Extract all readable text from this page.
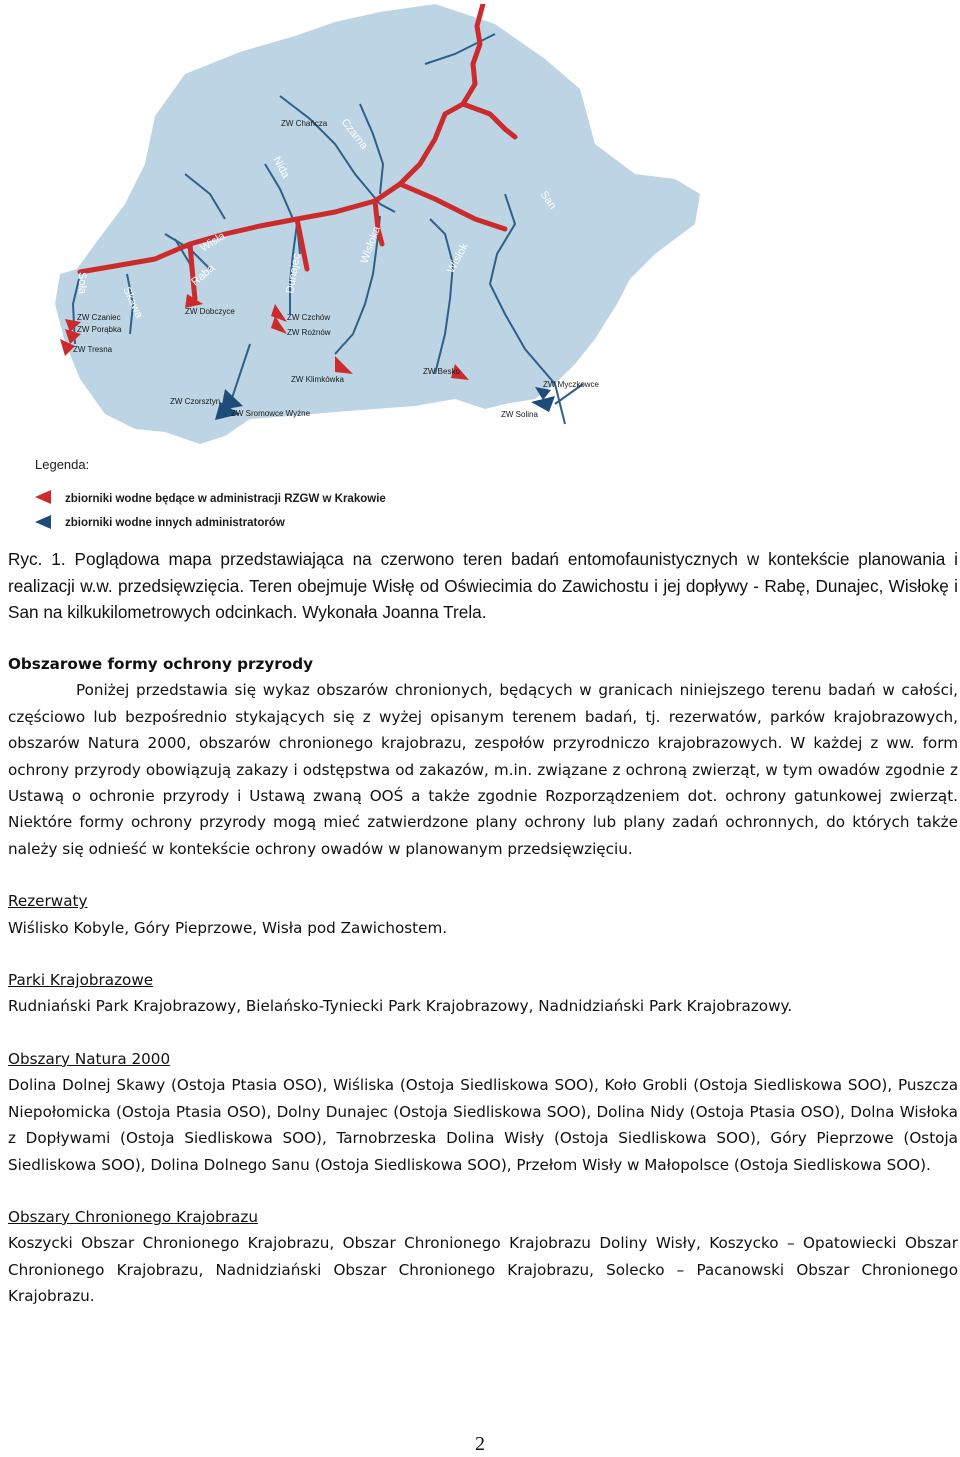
Czarna
Nida
Wisła
Raba	Dunajec
Wisłoka	Wisłok
San
Soła
Skawa
ZW Chańcza
ZW Czaniec
ZW Porąbka
ZW Tresna
ZW Dobczyce
ZW Czchów
ZW Rożnów
ZW Klimkówka
ZW Besko
ZW Czorsztyn
ZW Sromowce Wyżne
ZW Myczkowce
ZW Solina
Legenda:
zbiorniki wodne będące w administracji RZGW w Krakowie
zbiorniki wodne innych administratorów

Ryc. 1. Poglądowa mapa przedstawiająca na czerwono teren badań entomofaunistycznych w kontekście planowania i realizacji w.w. przedsięwzięcia. Teren obejmuje Wisłę od Oświecimia do Zawichostu i jej dopływy - Rabę, Dunajec, Wisłokę i San na kilkukilometrowych odcinkach. Wykonała Joanna Trela.

Obszarowe formy ochrony przyrody

Poniżej przedstawia się wykaz obszarów chronionych, będących w granicach niniejszego terenu badań w całości, częściowo lub bezpośrednio stykających się z wyżej opisanym terenem badań, tj. rezerwatów, parków krajobrazowych, obszarów Natura 2000, obszarów chronionego krajobrazu, zespołów przyrodniczo krajobrazowych. W każdej z ww. form ochrony przyrody obowiązują zakazy i odstępstwa od zakazów, m.in. związane z ochroną zwierząt, w tym owadów zgodnie z Ustawą o ochronie przyrody i Ustawą zwaną OOŚ a także zgodnie Rozporządzeniem dot. ochrony gatunkowej zwierząt. Niektóre formy ochrony przyrody mogą mieć zatwierdzone plany ochrony lub plany zadań ochronnych, do których także należy się odnieść w kontekście ochrony owadów w planowanym przedsięwzięciu.

Rezerwaty

Wiślisko Kobyle, Góry Pieprzowe, Wisła pod Zawichostem.

Parki Krajobrazowe

Rudniański Park Krajobrazowy, Bielańsko-Tyniecki Park Krajobrazowy, Nadnidziański Park Krajobrazowy.

Obszary Natura 2000

Dolina Dolnej Skawy (Ostoja Ptasia OSO), Wiśliska (Ostoja Siedliskowa SOO), Koło Grobli (Ostoja Siedliskowa SOO), Puszcza Niepołomicka (Ostoja Ptasia OSO), Dolny Dunajec (Ostoja Siedliskowa SOO), Dolina Nidy (Ostoja Ptasia OSO), Dolna Wisłoka z Dopływami (Ostoja Siedliskowa SOO), Tarnobrzeska Dolina Wisły (Ostoja Siedliskowa SOO), Góry Pieprzowe (Ostoja Siedliskowa SOO), Dolina Dolnego Sanu (Ostoja Siedliskowa SOO), Przełom Wisły w Małopolsce (Ostoja Siedliskowa SOO).

Obszary Chronionego Krajobrazu

Koszycki Obszar Chronionego Krajobrazu, Obszar Chronionego Krajobrazu Doliny Wisły, Koszycko – Opatowiecki Obszar Chronionego Krajobrazu, Nadnidziański Obszar Chronionego Krajobrazu, Solecko – Pacanowski Obszar Chronionego Krajobrazu.

2
